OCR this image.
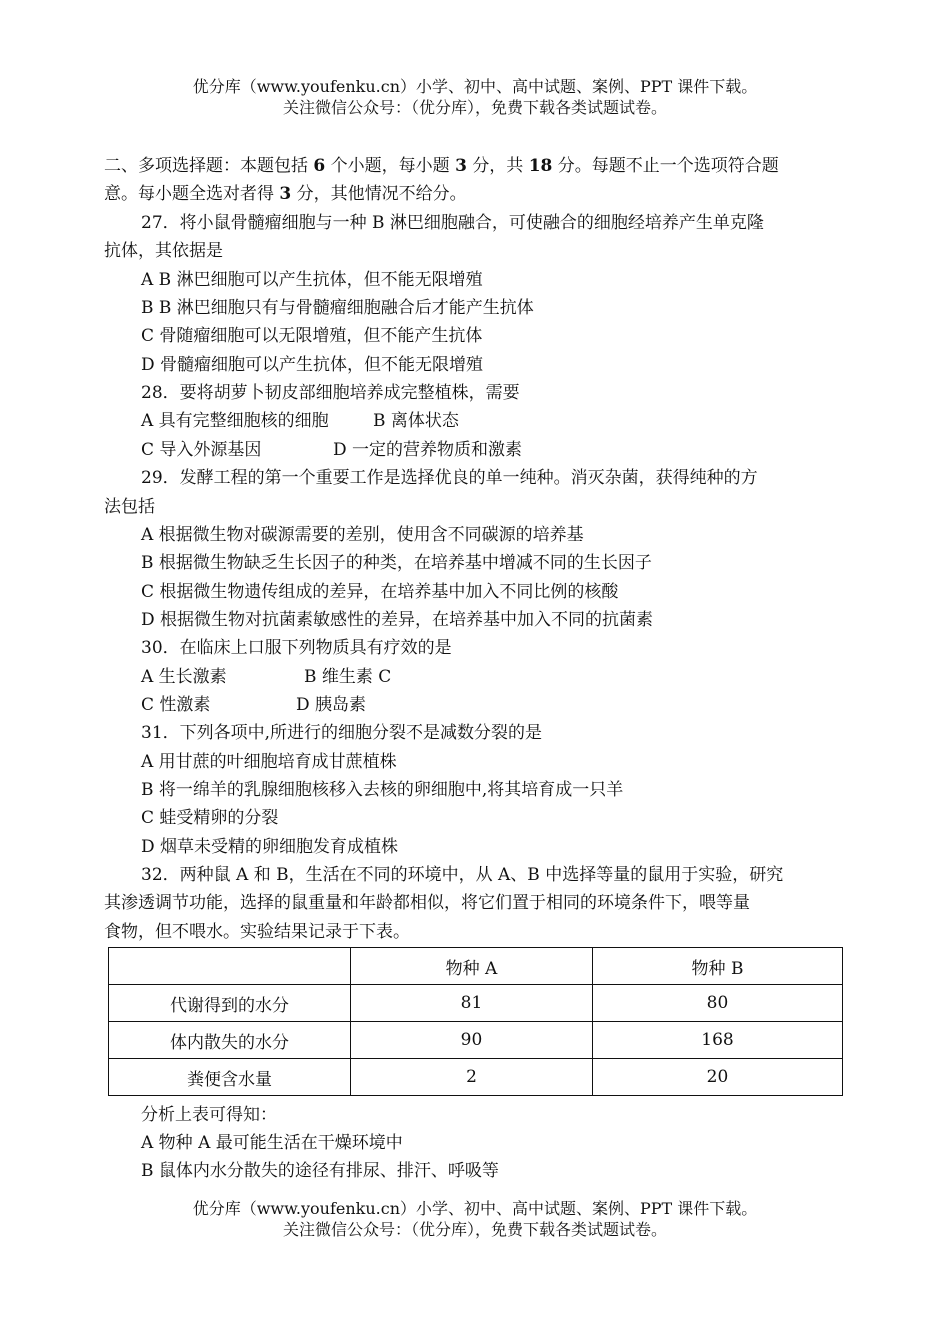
优分库（www.youfenku.cn）小学、初中、高中试题、案例、PPT 课件下载。
关注微信公众号：（优分库），免费下载各类试题试卷。
二、多项选择题：本题包括 6 个小题，每小题 3 分，共 18 分。每题不止一个选项符合题
意。每小题全选对者得 3 分，其他情况不给分。
27．将小鼠骨髓瘤细胞与一种 B 淋巴细胞融合，可使融合的细胞经培养产生单克隆
抗体，其依据是
A B 淋巴细胞可以产生抗体，但不能无限增殖
B B 淋巴细胞只有与骨髓瘤细胞融合后才能产生抗体
C 骨随瘤细胞可以无限增殖，但不能产生抗体
D 骨髓瘤细胞可以产生抗体，但不能无限增殖
28．要将胡萝卜韧皮部细胞培养成完整植株，需要
A 具有完整细胞核的细胞	B 离体状态
C 导入外源基因	D 一定的营养物质和激素
29．发酵工程的第一个重要工作是选择优良的单一纯种。消灭杂菌，获得纯种的方
法包括
A 根据微生物对碳源需要的差别，使用含不同碳源的培养基
B 根据微生物缺乏生长因子的种类，在培养基中增减不同的生长因子
C 根据微生物遗传组成的差异，在培养基中加入不同比例的核酸
D 根据微生物对抗菌素敏感性的差异，在培养基中加入不同的抗菌素
30．在临床上口服下列物质具有疗效的是
A 生长激素	B 维生素 C
C 性激素	D 胰岛素
31．下列各项中,所进行的细胞分裂不是减数分裂的是
A 用甘蔗的叶细胞培育成甘蔗植株
B 将一绵羊的乳腺细胞核移入去核的卵细胞中,将其培育成一只羊
C 蛙受精卵的分裂
D 烟草未受精的卵细胞发育成植株
32．两种鼠 A 和 B，生活在不同的环境中，从 A、B 中选择等量的鼠用于实验，研究
其渗透调节功能，选择的鼠重量和年龄都相似，将它们置于相同的环境条件下，喂等量
食物，但不喂水。实验结果记录于下表。
	物种 A	物种 B
代谢得到的水分	81	80
体内散失的水分	90	168
粪便含水量	2	20
分析上表可得知：
A 物种 A 最可能生活在干燥环境中
B 鼠体内水分散失的途径有排尿、排汗、呼吸等
优分库（www.youfenku.cn）小学、初中、高中试题、案例、PPT 课件下载。
关注微信公众号：（优分库），免费下载各类试题试卷。
